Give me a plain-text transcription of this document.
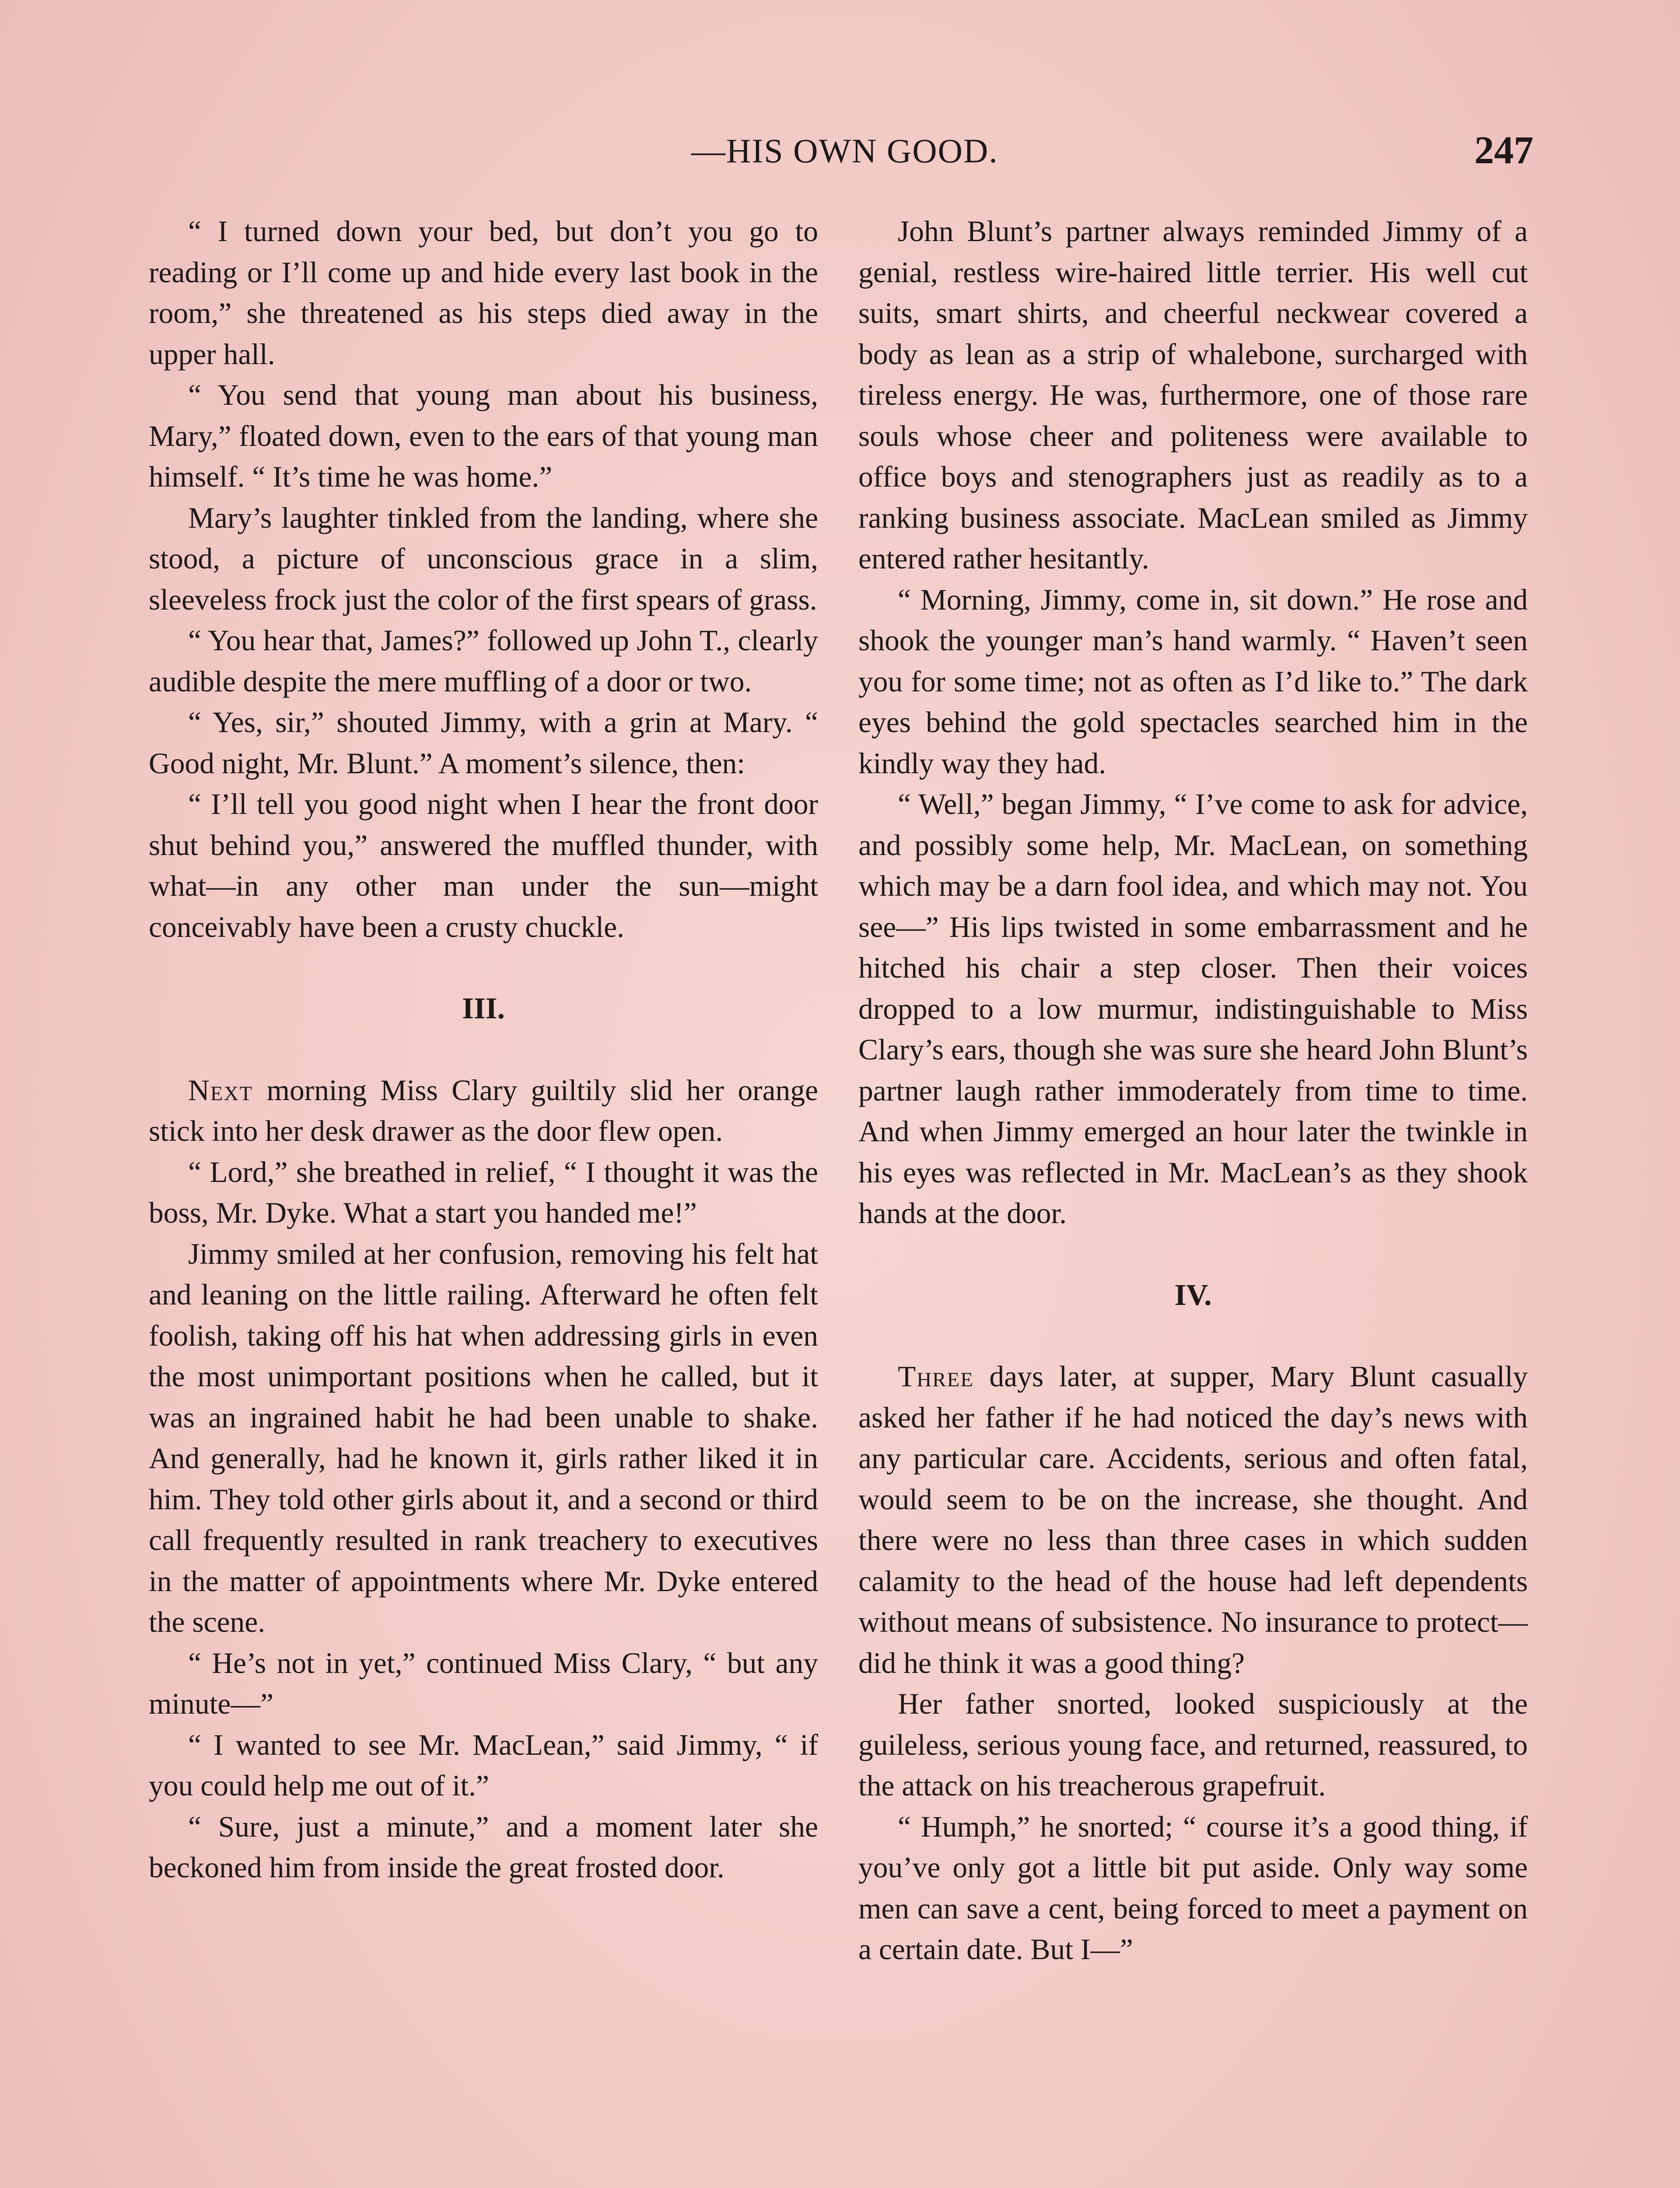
—HIS OWN GOOD.	247

“ I turned down your bed, but don’t you go to reading or I’ll come up and hide every last book in the room,” she threatened as his steps died away in the upper hall.

“ You send that young man about his business, Mary,” floated down, even to the ears of that young man himself. “ It’s time he was home.”

Mary’s laughter tinkled from the landing, where she stood, a picture of unconscious grace in a slim, sleeveless frock just the color of the first spears of grass.

“ You hear that, James?” followed up John T., clearly audible despite the mere muffling of a door or two.

“ Yes, sir,” shouted Jimmy, with a grin at Mary. “ Good night, Mr. Blunt.” A moment’s silence, then:

“ I’ll tell you good night when I hear the front door shut behind you,” answered the muffled thunder, with what—in any other man under the sun—might conceivably have been a crusty chuckle.

III.

Next morning Miss Clary guiltily slid her orange stick into her desk drawer as the door flew open.

“ Lord,” she breathed in relief, “ I thought it was the boss, Mr. Dyke. What a start you handed me!”

Jimmy smiled at her confusion, removing his felt hat and leaning on the little railing. Afterward he often felt foolish, taking off his hat when addressing girls in even the most unimportant positions when he called, but it was an ingrained habit he had been unable to shake. And generally, had he known it, girls rather liked it in him. They told other girls about it, and a second or third call frequently resulted in rank treachery to executives in the matter of appointments where Mr. Dyke entered the scene.

“ He’s not in yet,” continued Miss Clary, “ but any minute—”

“ I wanted to see Mr. MacLean,” said Jimmy, “ if you could help me out of it.”

“ Sure, just a minute,” and a moment later she beckoned him from inside the great frosted door.

John Blunt’s partner always reminded Jimmy of a genial, restless wire-haired little terrier. His well cut suits, smart shirts, and cheerful neckwear covered a body as lean as a strip of whalebone, surcharged with tireless energy. He was, furthermore, one of those rare souls whose cheer and politeness were available to office boys and stenographers just as readily as to a ranking business associate. MacLean smiled as Jimmy entered rather hesitantly.

“ Morning, Jimmy, come in, sit down.” He rose and shook the younger man’s hand warmly. “ Haven’t seen you for some time; not as often as I’d like to.” The dark eyes behind the gold spectacles searched him in the kindly way they had.

“ Well,” began Jimmy, “ I’ve come to ask for advice, and possibly some help, Mr. MacLean, on something which may be a darn fool idea, and which may not. You see—” His lips twisted in some embarrassment and he hitched his chair a step closer. Then their voices dropped to a low murmur, indistinguishable to Miss Clary’s ears, though she was sure she heard John Blunt’s partner laugh rather immoderately from time to time. And when Jimmy emerged an hour later the twinkle in his eyes was reflected in Mr. MacLean’s as they shook hands at the door.

IV.

Three days later, at supper, Mary Blunt casually asked her father if he had noticed the day’s news with any particular care. Accidents, serious and often fatal, would seem to be on the increase, she thought. And there were no less than three cases in which sudden calamity to the head of the house had left dependents without means of subsistence. No insurance to protect—did he think it was a good thing?

Her father snorted, looked suspiciously at the guileless, serious young face, and returned, reassured, to the attack on his treacherous grapefruit.

“ Humph,” he snorted; “ course it’s a good thing, if you’ve only got a little bit put aside. Only way some men can save a cent, being forced to meet a payment on a certain date. But I—”
